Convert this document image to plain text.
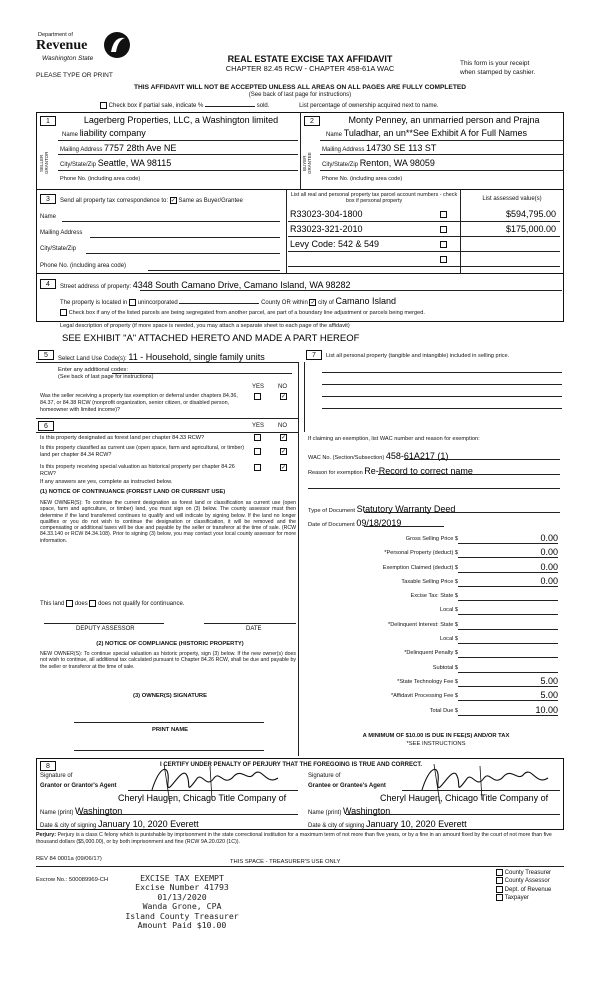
Department of
Revenue
Washington State
PLEASE TYPE OR PRINT
REAL ESTATE EXCISE TAX AFFIDAVIT
CHAPTER 82.45 RCW - CHAPTER 458-61A WAC
This form is your receipt
when stamped by cashier.
THIS AFFIDAVIT WILL NOT BE ACCEPTED UNLESS ALL AREAS ON ALL PAGES ARE FULLY COMPLETED
(See back of last page for instructions)
Check box if partial sale, indicate %	sold.	List percentage of ownership acquired next to name.
1	Lagerberg Properties, LLC, a Washington limited
Name liability company
SELLER GRANTOR
Mailing Address 7757 28th Ave NE
City/State/Zip Seattle, WA 98115
Phone No. (including area code)
2	Monty Penney, an unmarried person and Prajna
Name Tuladhar, an un**See Exhibit A for Full Names
BUYER GRANTEE
Mailing Address 14730 SE 113 ST
City/State/Zip Renton, WA 98059
Phone No. (including area code)
3	Send all property tax correspondence to: ✓ Same as Buyer/Grantee
List all real and personal property tax parcel account numbers - check box if personal property	List assessed value(s)
Name
Mailing Address
City/State/Zip
Phone No. (including area code)
R33023-304-1800	$594,795.00
R33023-321-2010	$175,000.00
Levy Code: 542 & 549
4	Street address of property: 4348 South Camano Drive, Camano Island, WA 98282
The property is located in unincorporated	County OR within ✓ city of Camano Island
Check box if any of the listed parcels are being segregated from another parcel, are part of a boundary line adjustment or parcels being merged.
Legal description of property (if more space is needed, you may attach a separate sheet to each page of the affidavit)
SEE EXHIBIT "A" ATTACHED HERETO AND MADE A PART HEREOF
5	Select Land Use Code(s): 11 - Household, single family units
Enter any additional codes:
(See back of last page for instructions)
YES NO
Was the seller receiving a property tax exemption or deferral under chapters 84.36, 84.37, or 84.38 RCW (nonprofit organization, senior citizen, or disabled person, homeowner with limited income)?
✓
7	List all personal property (tangible and intangible) included in selling price.
6	YES NO
Is this property designated as forest land per chapter 84.33 RCW?	✓
Is this property classified as current use (open space, farm and agricultural, or timber) land per chapter 84.34 RCW?	✓
Is this property receiving special valuation as historical property per chapter 84.26 RCW?
✓
If any answers are yes, complete as instructed below.
(1) NOTICE OF CONTINUANCE (FOREST LAND OR CURRENT USE)
NEW OWNER(S): To continue the current designation as forest land or classification as current use (open space, farm and agriculture, or timber) land, you must sign on (3) below. The county assessor must then determine if the land transferred continues to qualify and will indicate by signing below. If the land no longer qualifies or you do not wish to continue the designation or classification, it will be removed and the compensating or additional taxes will be due and payable by the seller or transferor at the time of sale. (RCW 84.33.140 or RCW 84.34.108). Prior to signing (3) below, you may contact your local county assessor for more information.
This land does does not qualify for continuance.
DEPUTY ASSESSOR	DATE
(2) NOTICE OF COMPLIANCE (HISTORIC PROPERTY)
NEW OWNER(S): To continue special valuation as historic property, sign (3) below. If the new owner(s) does not wish to continue, all additional tax calculated pursuant to Chapter 84.26 RCW, shall be due and payable by the seller or transferor at the time of sale.
(3) OWNER(S) SIGNATURE
PRINT NAME
If claiming an exemption, list WAC number and reason for exemption:
WAC No. (Section/Subsection) 458-61A217 (1)
Reason for exemption Re-Record to correct name
Type of Document Statutory Warranty Deed
Date of Document 09/18/2019
Gross Selling Price $	0.00
*Personal Property (deduct) $	0.00
Exemption Claimed (deduct) $	0.00
Taxable Selling Price $	0.00
Excise Tax: State $
Local $
*Delinquent Interest: State $
Local $
*Delinquent Penalty $
Subtotal $
*State Technology Fee $	5.00
*Affidavit Processing Fee $	5.00
Total Due $	10.00
A MINIMUM OF $10.00 IS DUE IN FEE(S) AND/OR TAX
*SEE INSTRUCTIONS
8	I CERTIFY UNDER PENALTY OF PERJURY THAT THE FOREGOING IS TRUE AND CORRECT.
Signature of
Grantor or Grantor's Agent
Cheryl Haugen, Chicago Title Company of
Name (print) Washington
Date & city of signing January 10, 2020 Everett
Signature of
Grantee or Grantee's Agent
Cheryl Haugen, Chicago Title Company of
Name (print) Washington
Date & city of signing January 10, 2020 Everett
Perjury: Perjury is a class C felony which is punishable by imprisonment in the state correctional institution for a maximum term of not more than five years, or by a fine in an amount fixed by the court of not more than five thousand dollars ($5,000.00), or by both imprisonment and fine (RCW 9A.20.020 (1C)).
REV 84 0001a (09/06/17)	THIS SPACE - TREASURER'S USE ONLY
Escrow No.: 500089969-CH
County Treasurer
County Assessor
Dept. of Revenue
Taxpayer
EXCISE TAX EXEMPT
Excise Number 41793
01/13/2020
Wanda Grone, CPA
Island County Treasurer
Amount Paid $10.00
